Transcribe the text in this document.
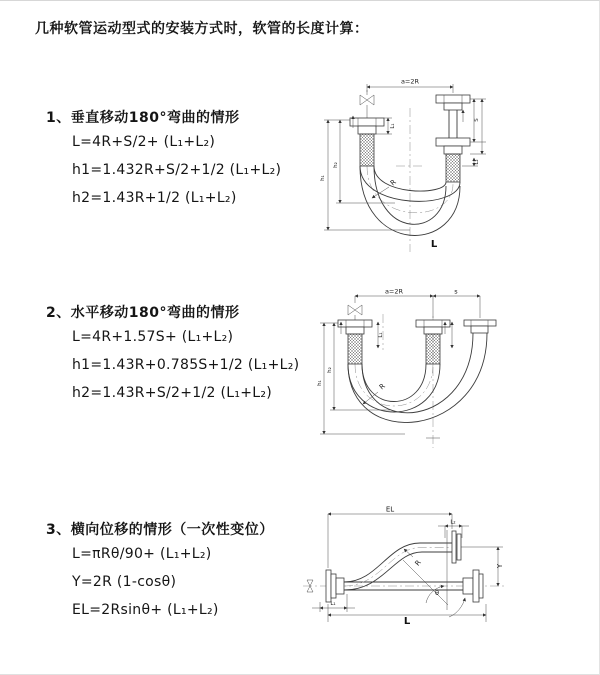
几种软管运动型式的安装方式时，软管的长度计算：
1、垂直移动180°弯曲的情形
L=4R+S/2+ (L₁+L₂)
h1=1.432R+S/2+1/2 (L₁+L₂)
h2=1.43R+1/2 (L₁+L₂)
a=2R
h₁
h₂
L₁
S
L₂
R
L
2、水平移动180°弯曲的情形
L=4R+1.57S+ (L₁+L₂)
h1=1.43R+0.785S+1/2 (L₁+L₂)
h2=1.43R+S/2+1/2 (L₁+L₂)
a=2R	s
h₁
h₂
L₁
R
3、横向位移的情形（一次性变位）
L=πRθ/90+ (L₁+L₂)
Y=2R (1-cosθ)
EL=2Rsinθ+ (L₁+L₂)
R
θ
EL
L₂
Y
L
L₁
